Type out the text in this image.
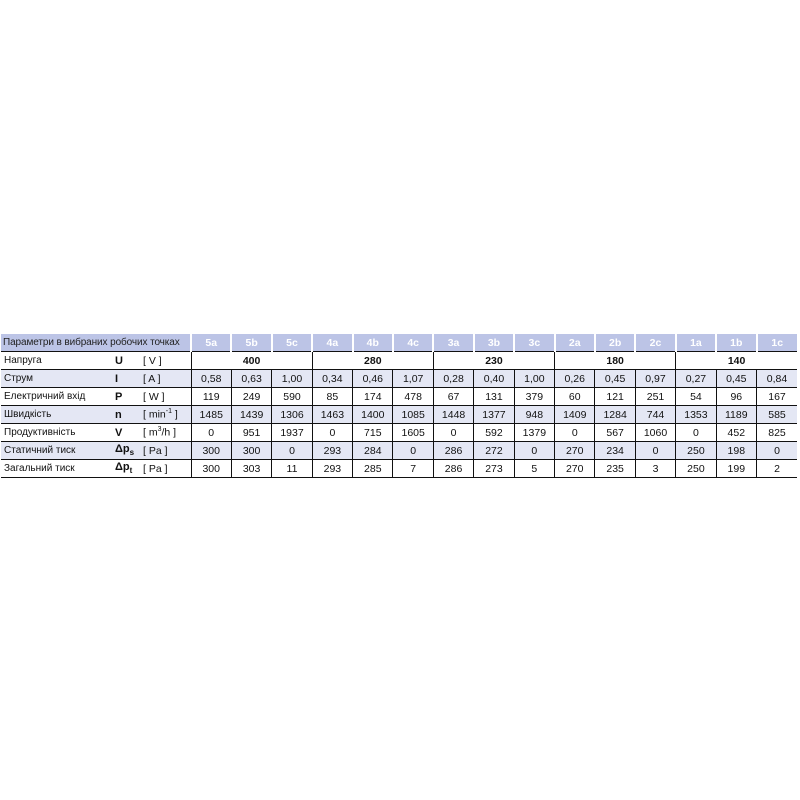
Параметри в вибраних робочих точках			5a	5b	5c	4a	4b	4c	3a	3b	3c	2a	2b	2c	1a	1b	1c
Напруга	U	[ V ]	400			280			230			180			140		
Струм	I	[ A ]	0,58	0,63	1,00	0,34	0,46	1,07	0,28	0,40	1,00	0,26	0,45	0,97	0,27	0,45	0,84
Електричний вхід	P	[ W ]	119	249	590	85	174	478	67	131	379	60	121	251	54	96	167
Швидкість	n	[ $\min^{-1}$ ]	1485	1439	1306	1463	1400	1085	1448	1377	948	1409	1284	744	1353	1189	585
Продуктивність	V	[ $m^3/h$ ]	0	951	1937	0	715	1605	0	592	1379	0	567	1060	0	452	825
Статичний тиск	$\Delta p_s$	[ Pa ]	300	300	0	293	284	0	286	272	0	270	234	0	250	198	0
Загальний тиск	$\Delta p_t$	[ Pa ]	300	303	11	293	285	7	286	273	5	270	235	3	250	199	2
